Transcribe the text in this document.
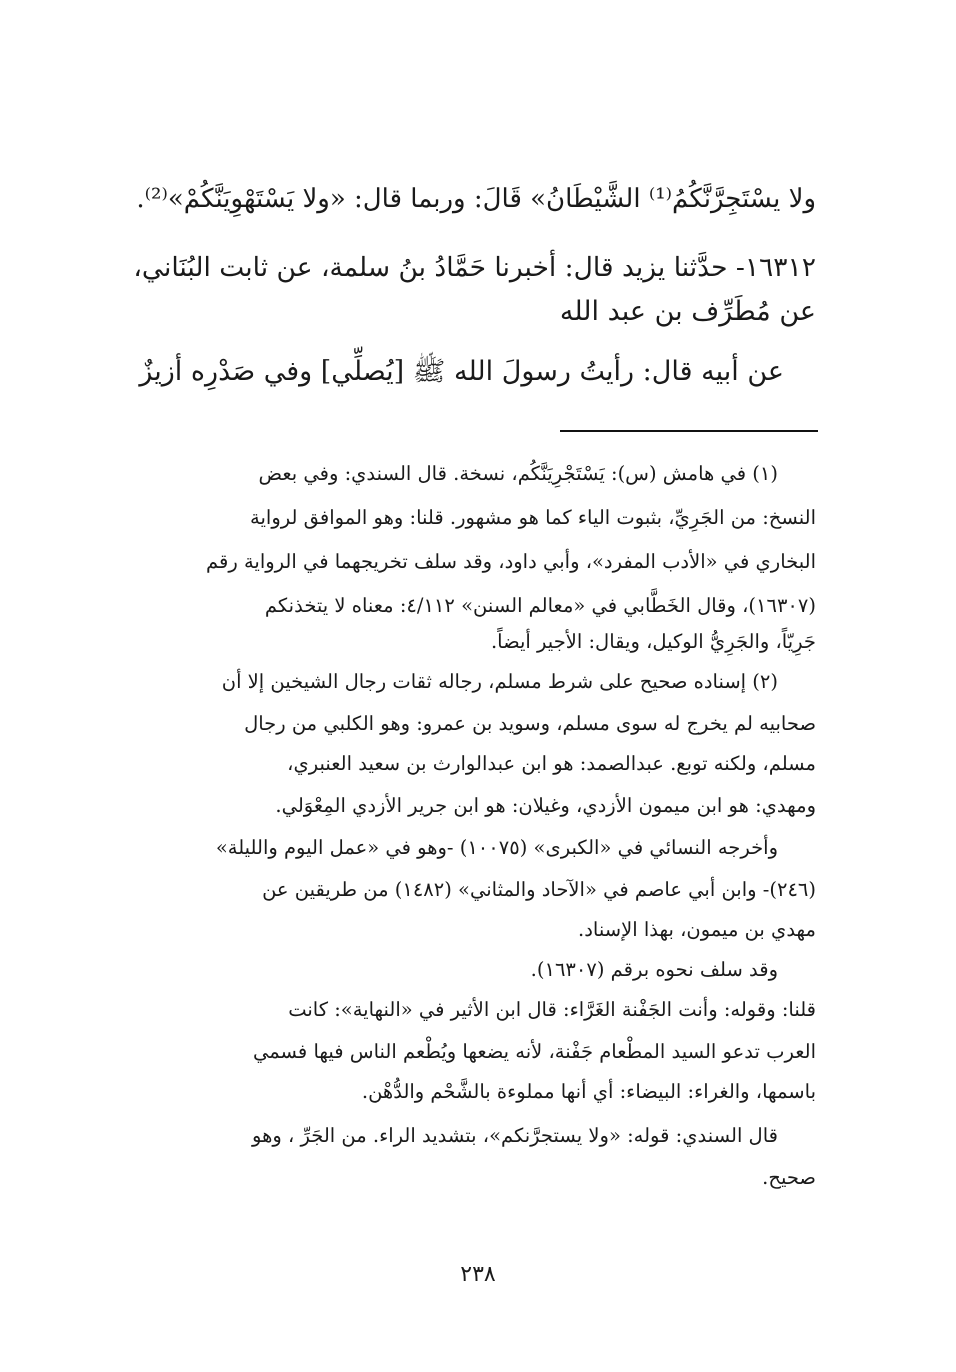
ولا يسْتَجِرَّنَّكُمُ⁽¹⁾ الشَّيْطَانُ» قَالَ: وربما قال: «ولا يَسْتَهْوِيَنَّكُمْ»⁽²⁾.
١٦٣١٢- حدَّثنا يزيد قال: أخبرنا حَمَّادُ بنُ سلمة، عن ثابت البُنَاني،
عن مُطَرِّف بن عبد الله
عن أبيه قال: رأيتُ رسولَ الله ﷺ [يُصلِّي] وفي صَدْرِه أزيزٌ
(١) في هامش (س): يَسْتَجْرِيَنَّكُم، نسخة. قال السندي: وفي بعض
النسخ: من الجَرِيِّ، بثبوت الياء كما هو مشهور. قلنا: وهو الموافق لرواية
البخاري في «الأدب المفرد»، وأبي داود، وقد سلف تخريجهما في الرواية رقم
(١٦٣٠٧)، وقال الخَطَّابي في «معالم السنن» ٤/١١٢: معناه لا يتخذنكم
جَرِيّاً، والجَرِيُّ الوكيل، ويقال: الأجير أيضاً.
(٢) إسناده صحيح على شرط مسلم، رجاله ثقات رجال الشيخين إلا أن
صحابيه لم يخرج له سوى مسلم، وسويد بن عمرو: وهو الكلبي من رجال
مسلم، ولكنه توبع. عبدالصمد: هو ابن عبدالوارث بن سعيد العنبري،
ومهدي: هو ابن ميمون الأزدي، وغيلان: هو ابن جرير الأزدي المِعْوَلي.
وأخرجه النسائي في «الكبرى» (١٠٠٧٥) -وهو في «عمل اليوم والليلة»
(٢٤٦)- وابن أبي عاصم في «الآحاد والمثاني» (١٤٨٢) من طريقين عن
مهدي بن ميمون، بهذا الإسناد.
وقد سلف نحوه برقم (١٦٣٠٧).
قلنا: وقوله: وأنت الجَفْنة الغَرَّاء: قال ابن الأثير في «النهاية»: كانت
العرب تدعو السيد المطْعام جَفْنة، لأنه يضعها ويُطْعم الناس فيها فسمي
باسمها، والغراء: البيضاء: أي أنها مملوءة بالشَّحْم والدُّهْن.
قال السندي: قوله: «ولا يستجرَّنكم»، بتشديد الراء. من الجَرِّ ، وهو
صحيح.
٢٣٨
